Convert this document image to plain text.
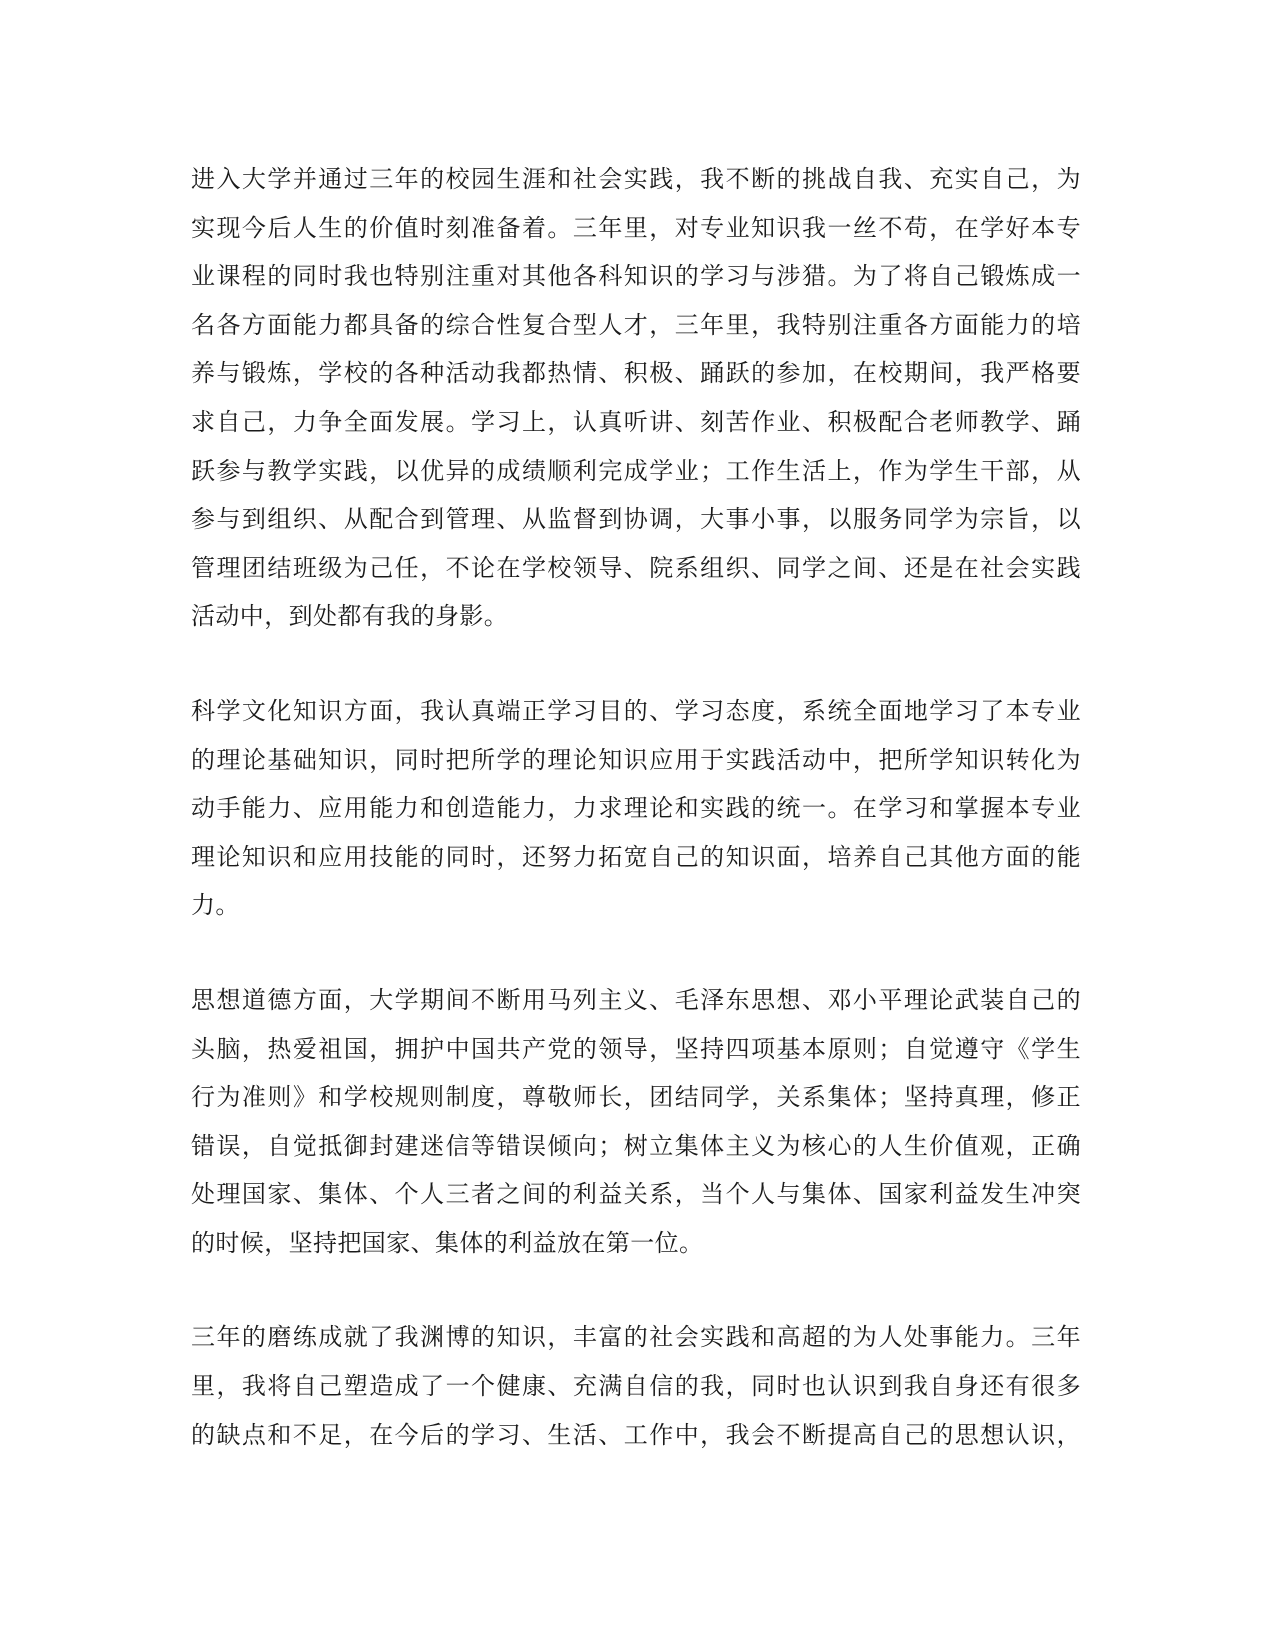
进入大学并通过三年的校园生涯和社会实践，我不断的挑战自我、充实自己，为
实现今后人生的价值时刻准备着。三年里，对专业知识我一丝不苟，在学好本专
业课程的同时我也特别注重对其他各科知识的学习与涉猎。为了将自己锻炼成一
名各方面能力都具备的综合性复合型人才，三年里，我特别注重各方面能力的培
养与锻炼，学校的各种活动我都热情、积极、踊跃的参加，在校期间，我严格要
求自己，力争全面发展。学习上，认真听讲、刻苦作业、积极配合老师教学、踊
跃参与教学实践，以优异的成绩顺利完成学业；工作生活上，作为学生干部，从
参与到组织、从配合到管理、从监督到协调，大事小事，以服务同学为宗旨，以
管理团结班级为己任，不论在学校领导、院系组织、同学之间、还是在社会实践
活动中，到处都有我的身影。

科学文化知识方面，我认真端正学习目的、学习态度，系统全面地学习了本专业
的理论基础知识，同时把所学的理论知识应用于实践活动中，把所学知识转化为
动手能力、应用能力和创造能力，力求理论和实践的统一。在学习和掌握本专业
理论知识和应用技能的同时，还努力拓宽自己的知识面，培养自己其他方面的能
力。

思想道德方面，大学期间不断用马列主义、毛泽东思想、邓小平理论武装自己的
头脑，热爱祖国，拥护中国共产党的领导，坚持四项基本原则；自觉遵守《学生
行为准则》和学校规则制度，尊敬师长，团结同学，关系集体；坚持真理，修正
错误，自觉抵御封建迷信等错误倾向；树立集体主义为核心的人生价值观，正确
处理国家、集体、个人三者之间的利益关系，当个人与集体、国家利益发生冲突
的时候，坚持把国家、集体的利益放在第一位。

三年的磨练成就了我渊博的知识，丰富的社会实践和高超的为人处事能力。三年
里，我将自己塑造成了一个健康、充满自信的我，同时也认识到我自身还有很多
的缺点和不足，在今后的学习、生活、工作中，我会不断提高自己的思想认识，
